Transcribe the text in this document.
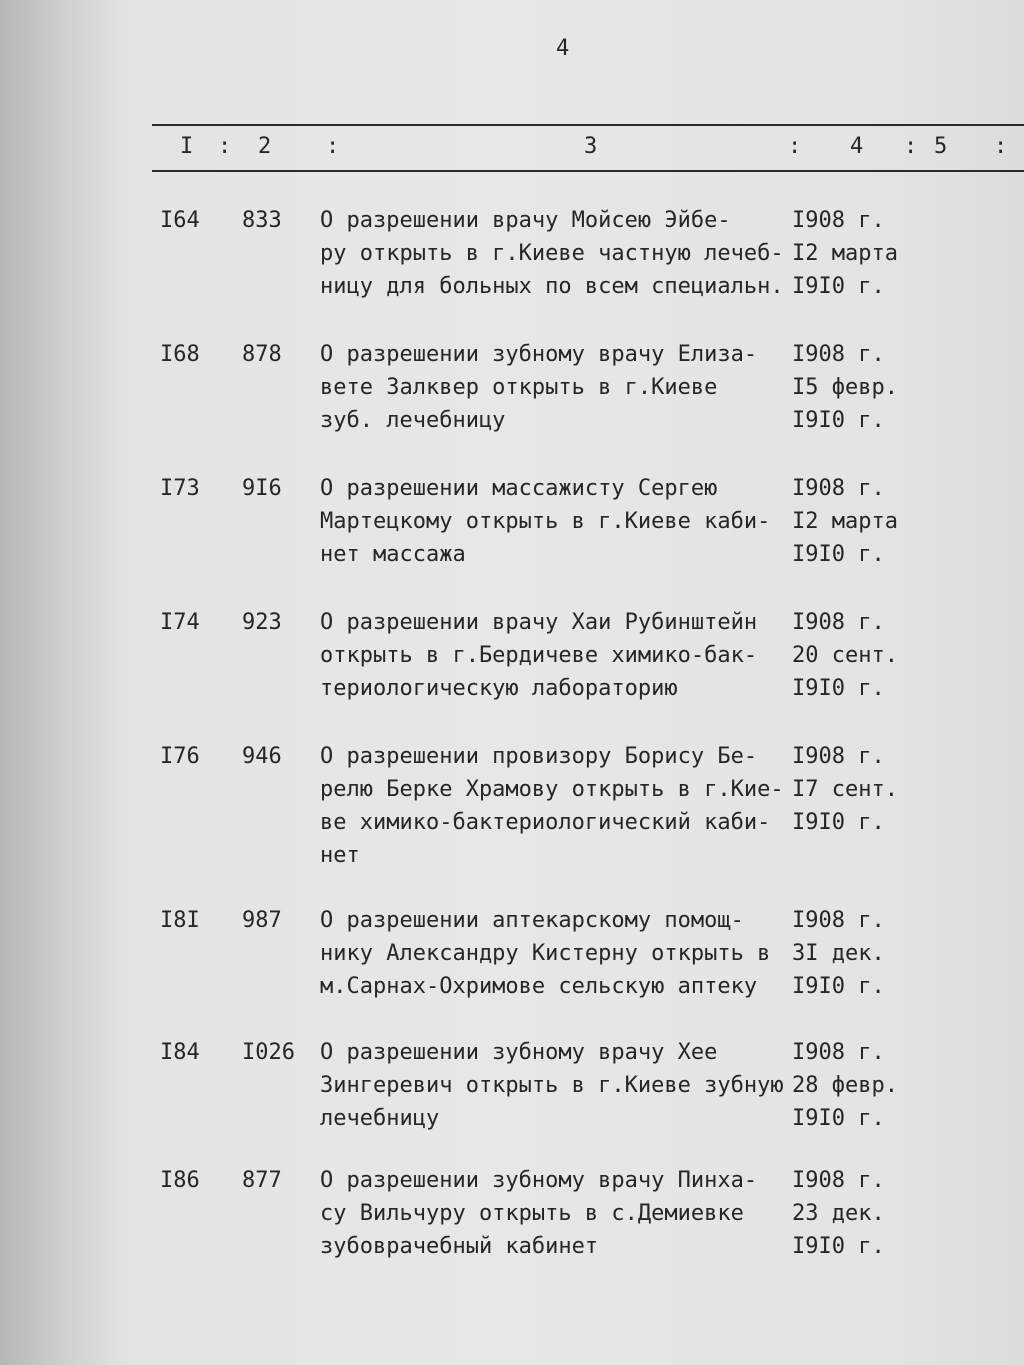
4
I : 2 :	3	: 4 : 5 :
I64 833 О разрешении врачу Мойсею Эйбе-
ру открыть в г.Киеве частную лечеб-
ницу для больных по всем специальн.
I908 г.
I2 марта
I9I0 г.
I68 878 О разрешении зубному врачу Елиза-
вете Залквер открыть в г.Киеве
зуб. лечебницу
I908 г.
I5 февр.
I9I0 г.
I73 9I6 О разрешении массажисту Сергею
Мартецкому открыть в г.Киеве каби-
нет массажа
I908 г.
I2 марта
I9I0 г.
I74 923 О разрешении врачу Хаи Рубинштейн
открыть в г.Бердичеве химико-бак-
териологическую лабораторию
I908 г.
20 сент.
I9I0 г.
I76 946 О разрешении провизору Борису Бе-
релю Берке Храмову открыть в г.Кие-
ве химико-бактериологический каби-
нет
I908 г.
I7 сент.
I9I0 г.
I8I 987 О разрешении аптекарскому помощ-
нику Александру Кистерну открыть в
м.Сарнах-Охримове сельскую аптеку
I908 г.
3I дек.
I9I0 г.
I84 I026 О разрешении зубному врачу Хее
Зингеревич открыть в г.Киеве зубную
лечебницу
I908 г.
28 февр.
I9I0 г.
I86 877 О разрешении зубному врачу Пинха-
су Вильчуру открыть в с.Демиевке
зубоврачебный кабинет
I908 г.
23 дек.
I9I0 г.
